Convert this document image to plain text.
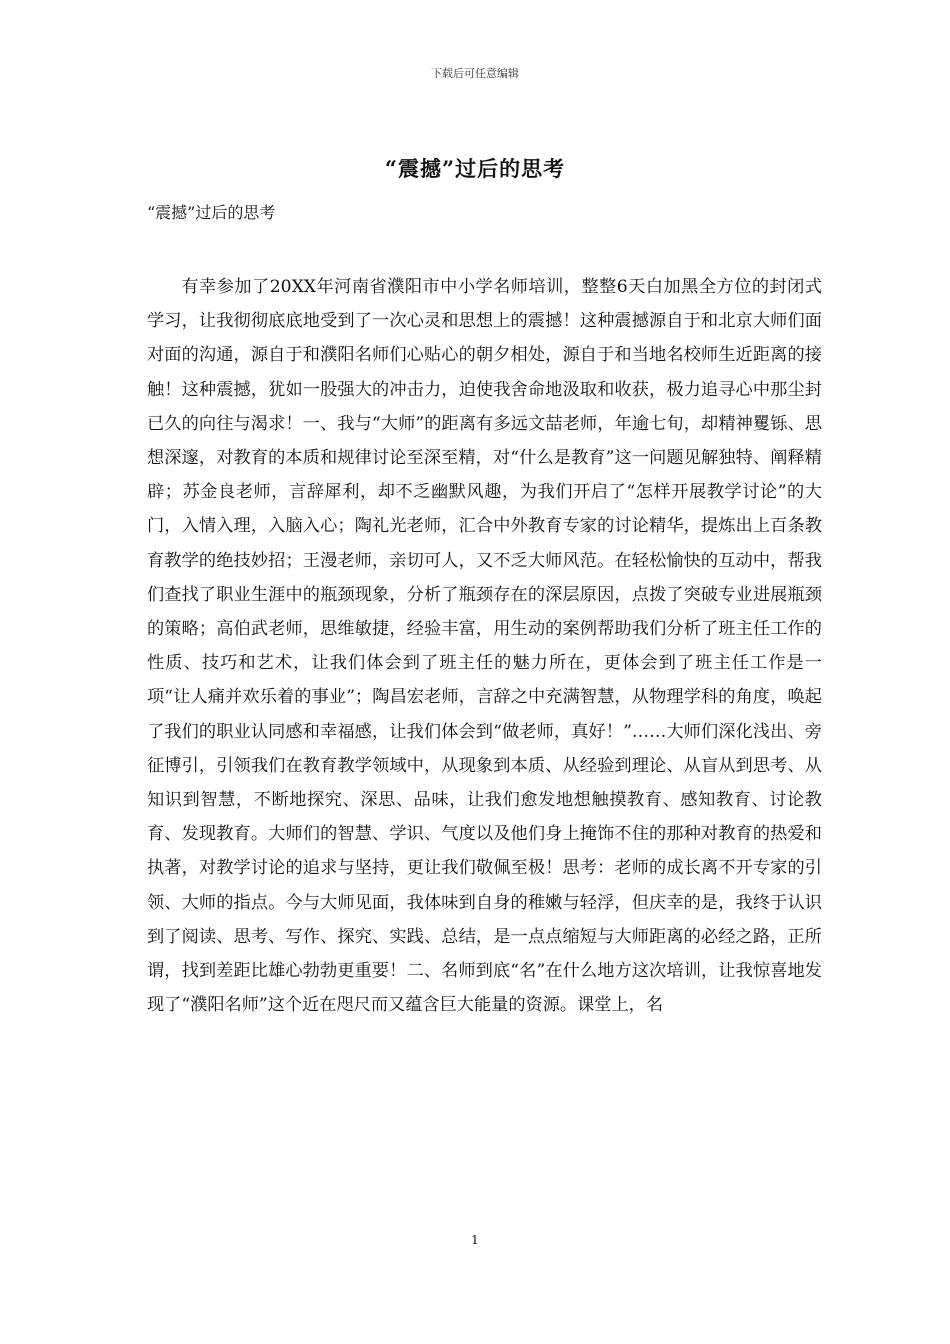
下载后可任意编辑
“震撼”过后的思考
“震撼”过后的思考

有幸参加了20XX年河南省濮阳市中小学名师培训，整整6天白加黑全方位的封闭式学习，让我彻彻底底地受到了一次心灵和思想上的震撼！这种震撼源自于和北京大师们面对面的沟通，源自于和濮阳名师们心贴心的朝夕相处，源自于和当地名校师生近距离的接触！这种震撼，犹如一股强大的冲击力，迫使我舍命地汲取和收获，极力追寻心中那尘封已久的向往与渴求！一、我与“大师”的距离有多远文喆老师，年逾七旬，却精神矍铄、思想深邃，对教育的本质和规律讨论至深至精，对“什么是教育”这一问题见解独特、阐释精辟；苏金良老师，言辞犀利，却不乏幽默风趣，为我们开启了“怎样开展教学讨论”的大门，入情入理，入脑入心；陶礼光老师，汇合中外教育专家的讨论精华，提炼出上百条教育教学的绝技妙招；王漫老师，亲切可人，又不乏大师风范。在轻松愉快的互动中，帮我们查找了职业生涯中的瓶颈现象，分析了瓶颈存在的深层原因，点拨了突破专业进展瓶颈的策略；高伯武老师，思维敏捷，经验丰富，用生动的案例帮助我们分析了班主任工作的性质、技巧和艺术，让我们体会到了班主任的魅力所在，更体会到了班主任工作是一项“让人痛并欢乐着的事业”；陶昌宏老师，言辞之中充满智慧，从物理学科的角度，唤起了我们的职业认同感和幸福感，让我们体会到“做老师，真好！”……大师们深化浅出、旁征博引，引领我们在教育教学领域中，从现象到本质、从经验到理论、从盲从到思考、从知识到智慧，不断地探究、深思、品味，让我们愈发地想触摸教育、感知教育、讨论教育、发现教育。大师们的智慧、学识、气度以及他们身上掩饰不住的那种对教育的热爱和执著，对教学讨论的追求与坚持，更让我们敬佩至极！思考：老师的成长离不开专家的引领、大师的指点。今与大师见面，我体味到自身的稚嫩与轻浮，但庆幸的是，我终于认识到了阅读、思考、写作、探究、实践、总结，是一点点缩短与大师距离的必经之路，正所谓，找到差距比雄心勃勃更重要！二、名师到底“名”在什么地方这次培训，让我惊喜地发现了“濮阳名师”这个近在咫尺而又蕴含巨大能量的资源。课堂上，名

1
